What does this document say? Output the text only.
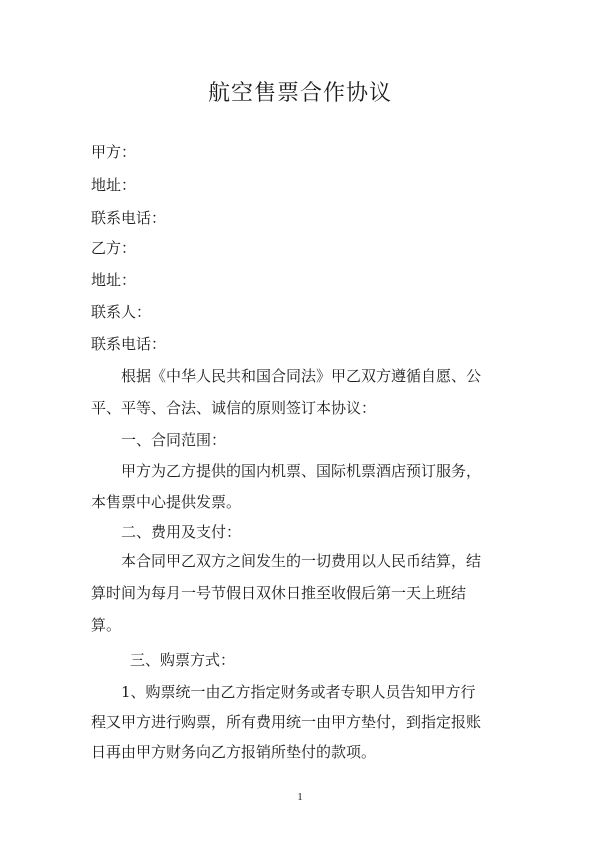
航空售票合作协议
甲方：
地址：
联系电话：
乙方：
地址：
联系人：
联系电话：
根据《中华人民共和国合同法》甲乙双方遵循自愿、公
平、平等、合法、诚信的原则签订本协议：
一、合同范围：
甲方为乙方提供的国内机票、国际机票酒店预订服务，
本售票中心提供发票。
二、费用及支付：
本合同甲乙双方之间发生的一切费用以人民币结算，结
算时间为每月一号节假日双休日推至收假后第一天上班结
算。
三、购票方式：
1、购票统一由乙方指定财务或者专职人员告知甲方行
程又甲方进行购票，所有费用统一由甲方垫付，到指定报账
日再由甲方财务向乙方报销所垫付的款项。
1
